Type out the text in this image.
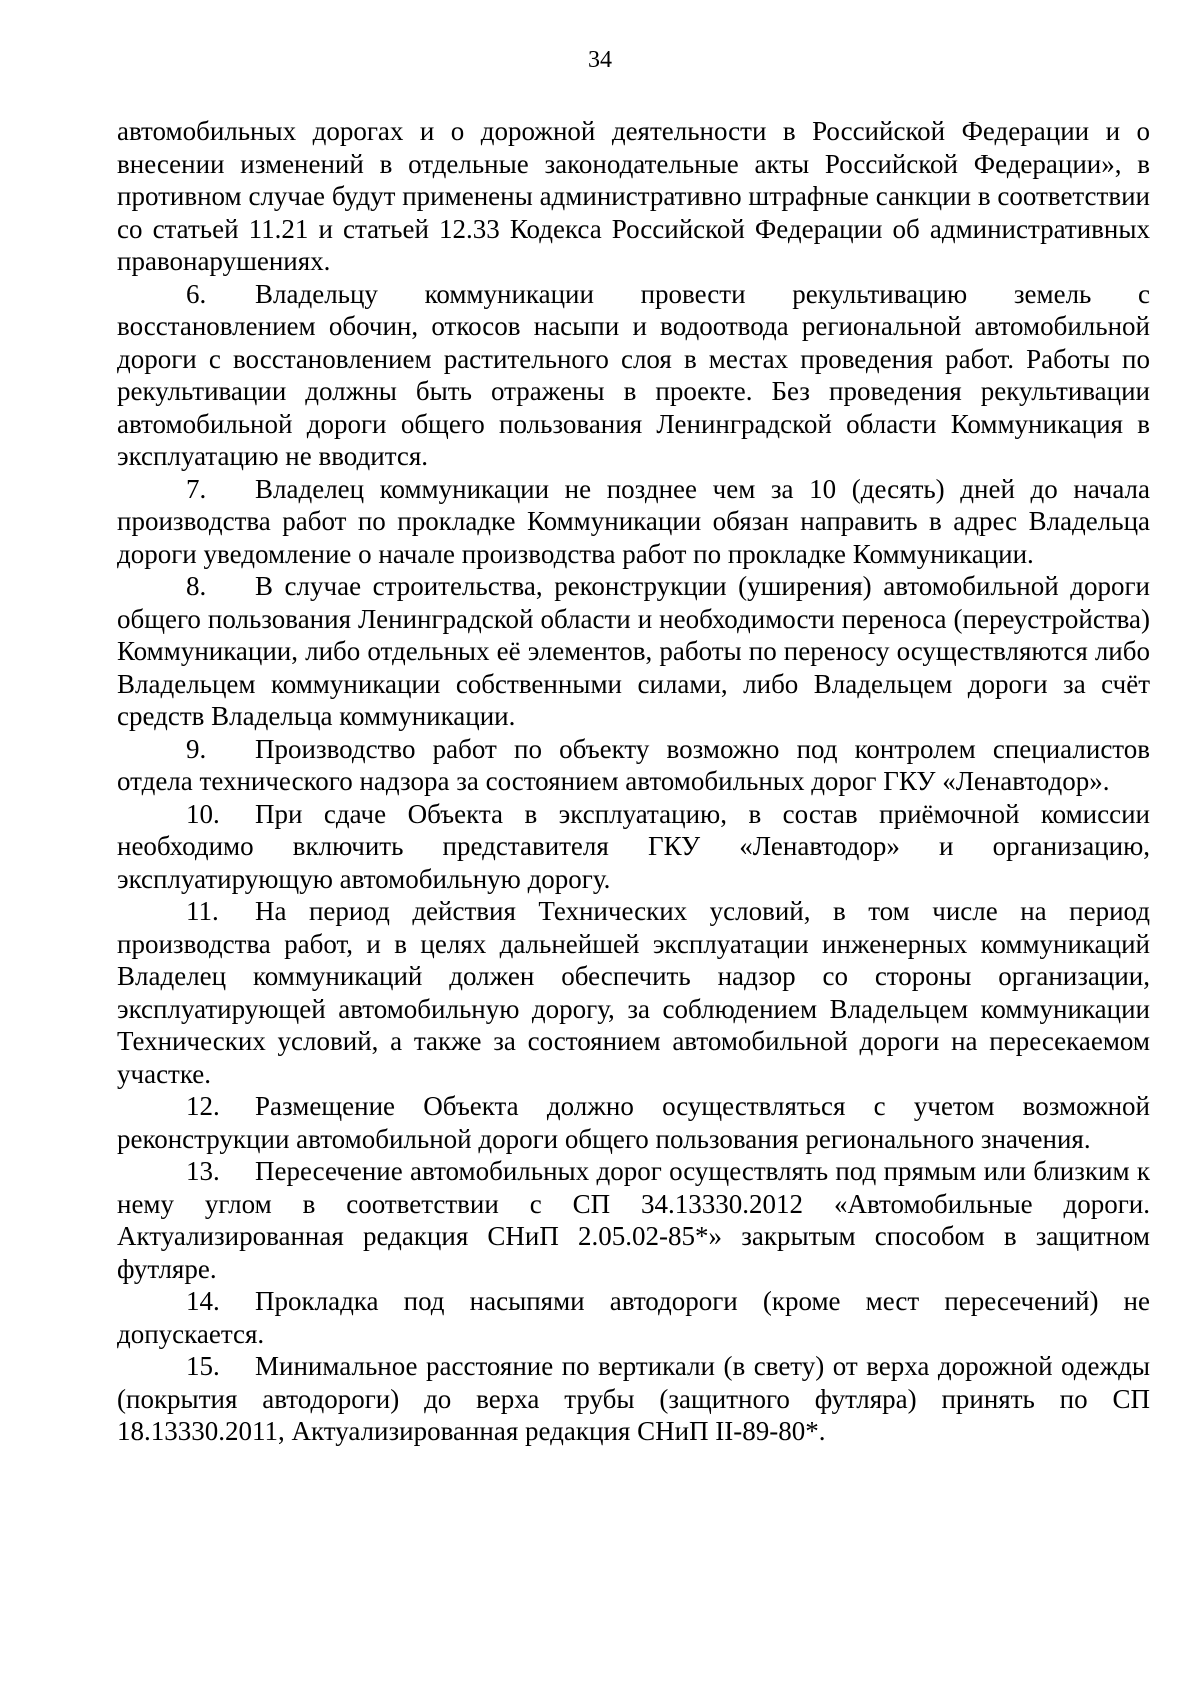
34

автомобильных дорогах и о дорожной деятельности в Российской Федерации и о внесении изменений в отдельные законодательные акты Российской Федерации», в противном случае будут применены административно штрафные санкции в соответствии со статьей 11.21 и статьей 12.33 Кодекса Российской Федерации об административных правонарушениях.

6. Владельцу коммуникации провести рекультивацию земель с восстановлением обочин, откосов насыпи и водоотвода региональной автомобильной дороги с восстановлением растительного слоя в местах проведения работ. Работы по рекультивации должны быть отражены в проекте. Без проведения рекультивации автомобильной дороги общего пользования Ленинградской области Коммуникация в эксплуатацию не вводится.

7. Владелец коммуникации не позднее чем за 10 (десять) дней до начала производства работ по прокладке Коммуникации обязан направить в адрес Владельца дороги уведомление о начале производства работ по прокладке Коммуникации.

8. В случае строительства, реконструкции (уширения) автомобильной дороги общего пользования Ленинградской области и необходимости переноса (переустройства) Коммуникации, либо отдельных её элементов, работы по переносу осуществляются либо Владельцем коммуникации собственными силами, либо Владельцем дороги за счёт средств Владельца коммуникации.

9. Производство работ по объекту возможно под контролем специалистов отдела технического надзора за состоянием автомобильных дорог ГКУ «Ленавтодор».

10. При сдаче Объекта в эксплуатацию, в состав приёмочной комиссии необходимо включить представителя ГКУ «Ленавтодор» и организацию, эксплуатирующую автомобильную дорогу.

11. На период действия Технических условий, в том числе на период производства работ, и в целях дальнейшей эксплуатации инженерных коммуникаций Владелец коммуникаций должен обеспечить надзор со стороны организации, эксплуатирующей автомобильную дорогу, за соблюдением Владельцем коммуникации Технических условий, а также за состоянием автомобильной дороги на пересекаемом участке.

12. Размещение Объекта должно осуществляться с учетом возможной реконструкции автомобильной дороги общего пользования регионального значения.

13. Пересечение автомобильных дорог осуществлять под прямым или близким к нему углом в соответствии с СП 34.13330.2012 «Автомобильные дороги. Актуализированная редакция СНиП 2.05.02-85*» закрытым способом в защитном футляре.

14. Прокладка под насыпями автодороги (кроме мест пересечений) не допускается.

15. Минимальное расстояние по вертикали (в свету) от верха дорожной одежды (покрытия автодороги) до верха трубы (защитного футляра) принять по СП 18.13330.2011, Актуализированная редакция СНиП II-89-80*.
